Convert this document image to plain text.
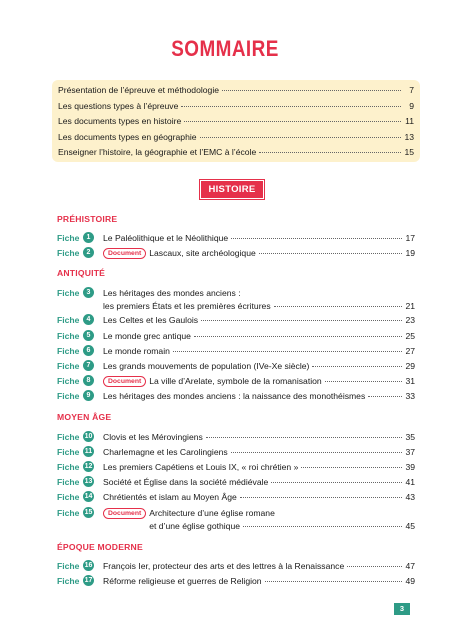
SOMMAIRE
Présentation de l’épreuve et méthodologie	7
Les questions types à l’épreuve	9
Les documents types en histoire	11
Les documents types en géographie	13
Enseigner l’histoire, la géographie et l’EMC à l’école	15
HISTOIRE
PRÉHISTOIRE
Fiche	1	Le Paléolithique et le Néolithique	17
Fiche	2	Document Lascaux, site archéologique	19
ANTIQUITÉ
Fiche	3	Les héritages des mondes anciens :
les premiers États et les premières écritures	21
Fiche	4	Les Celtes et les Gaulois	23
Fiche	5	Le monde grec antique	25
Fiche	6	Le monde romain	27
Fiche	7	Les grands mouvements de population (IVe-Xe siècle)	29
Fiche	8	Document La ville d’Arelate, symbole de la romanisation	31
Fiche	9	Les héritages des mondes anciens : la naissance des monothéismes	33
MOYEN ÂGE
Fiche 10 Clovis et les Mérovingiens	35
Fiche 11 Charlemagne et les Carolingiens	37
Fiche 12 Les premiers Capétiens et Louis IX, « roi chrétien »	39
Fiche 13 Société et Église dans la société médiévale	41
Fiche 14 Chrétientés et islam au Moyen Âge	43
Fiche 15	Document Architecture d’une église romane
et d’une église gothique	45
ÉPOQUE MODERNE
Fiche 16 François Ier, protecteur des arts et des lettres à la Renaissance	47
Fiche 17 Réforme religieuse et guerres de Religion	49
3
